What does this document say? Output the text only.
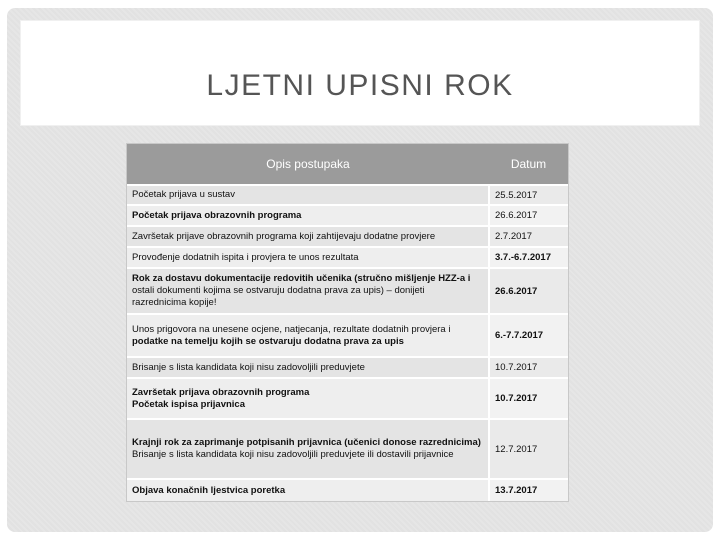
LJETNI UPISNI ROK
Opis postupaka	Datum

Početak prijava u sustav	25.5.2017

Početak prijava obrazovnih programa	26.6.2017

Završetak prijave obrazovnih programa koji zahtijevaju dodatne provjere	2.7.2017

Provođenje dodatnih ispita i provjera te unos rezultata	3.7.-6.7.2017

Rok za dostavu dokumentacije redovitih učenika (stručno mišljenje HZZ-a i
ostali dokumenti kojima se ostvaruju dodatna prava za upis) – donijeti
razrednicima kopije!	26.6.2017

Unos prigovora na unesene ocjene, natjecanja, rezultate dodatnih provjera i
podatke na temelju kojih se ostvaruju dodatna prava za upis	6.-7.7.2017

Brisanje s lista kandidata koji nisu zadovoljili preduvjete	10.7.2017

Završetak prijava obrazovnih programa
Početak ispisa prijavnica	10.7.2017

Krajnji rok za zaprimanje potpisanih prijavnica (učenici donose razrednicima)
Brisanje s lista kandidata koji nisu zadovoljili preduvjete ili dostavili prijavnice	12.7.2017

Objava konačnih ljestvica poretka	13.7.2017
